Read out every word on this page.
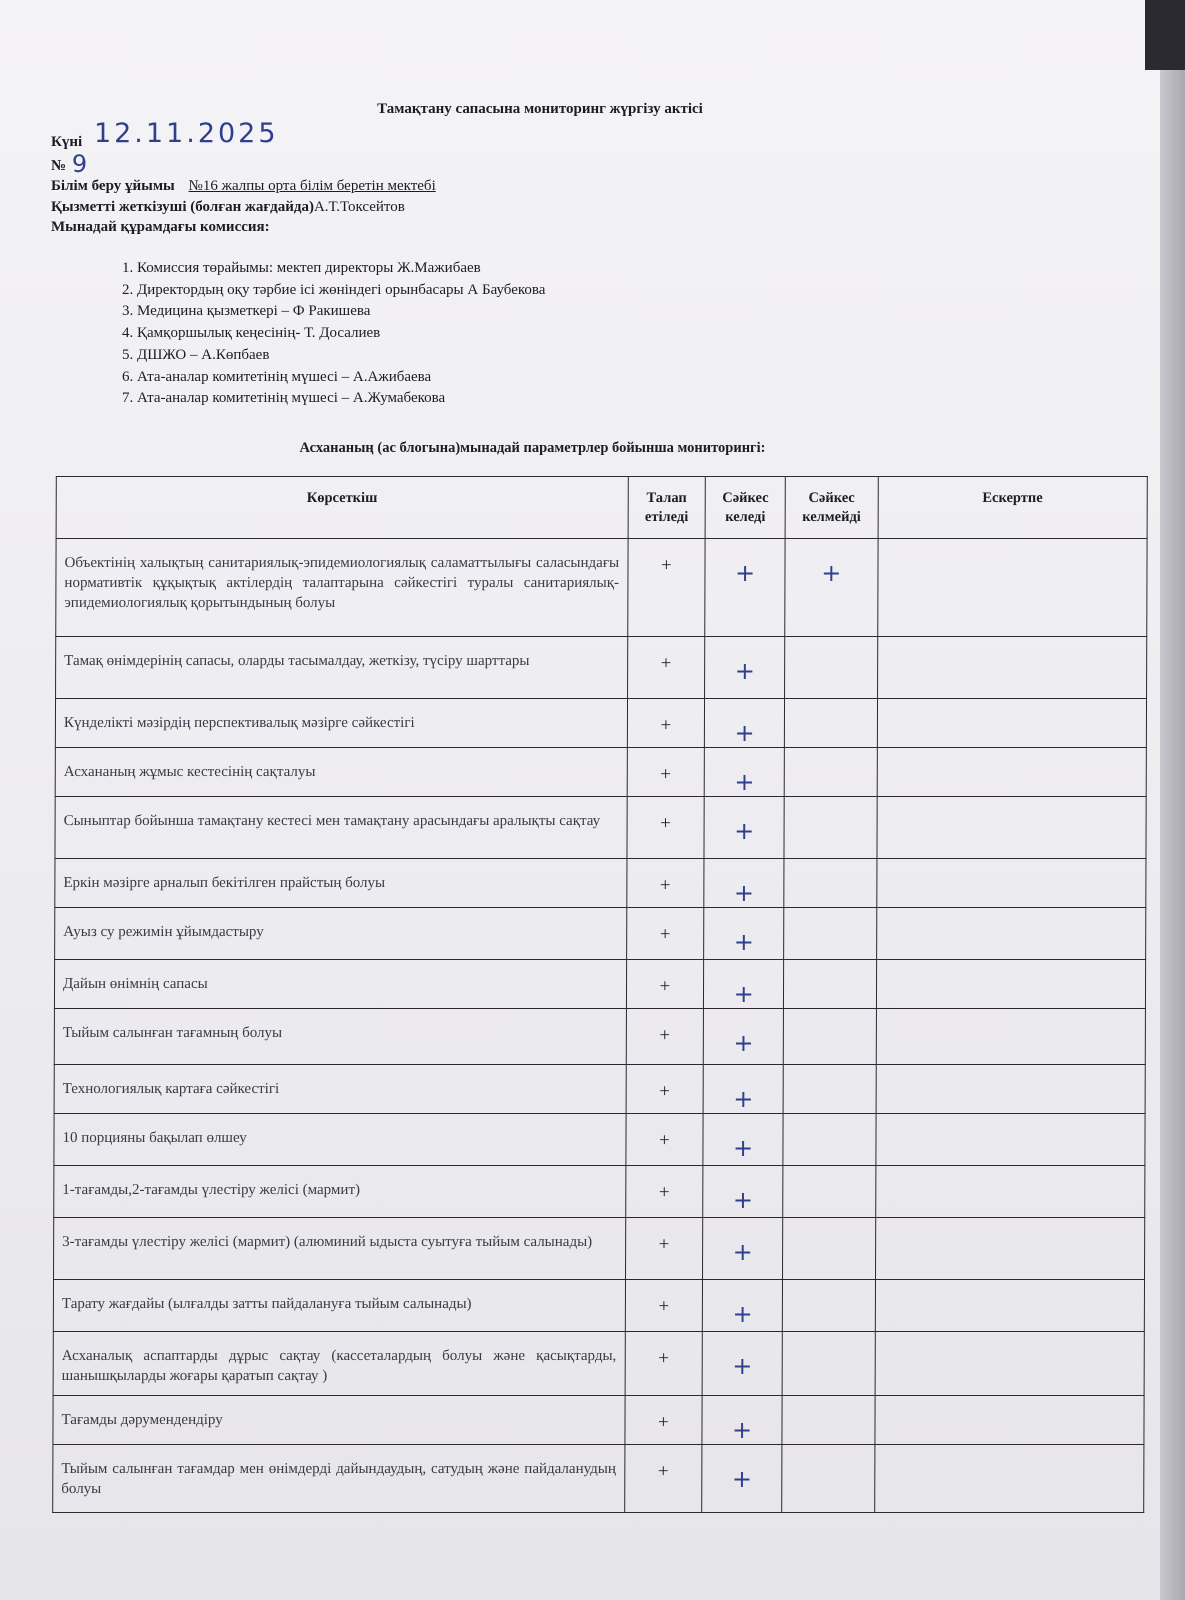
Тамақтану сапасына мониторинг жүргізу актісі
Күні 12.11.2025
№ 9
Білім беру ұйымы №16 жалпы орта білім беретін мектебі
Қызметті жеткізуші (болған жағдайда)А.Т.Токсейтов
Мынадай құрамдағы комиссия:
1. Комиссия төрайымы: мектеп директоры Ж.Мажибаев
2. Директордың оқу тәрбие ісі жөніндегі орынбасары А Баубекова
3. Медицина қызметкері – Ф Ракишева
4. Қамқоршылық кеңесінің- Т. Досалиев
5. ДШЖО – А.Көпбаев
6. Ата-аналар комитетінің мүшесі – А.Ажибаева
7. Ата-аналар комитетінің мүшесі – А.Жумабекова
Асхананың (ас блогына)мынадай параметрлер бойынша мониторингі:
Көрсеткіш	Талап етіледі	Сәйкес келеді	Сәйкес келмейді	Ескертпе
Объектінің халықтың санитариялық-эпидемиологиялық саламаттылығы саласындағы нормативтік құқықтық актілердің талаптарына сәйкестігі туралы санитариялық-эпидемиологиялық қорытындының болуы	+	+	+	
Тамақ өнімдерінің сапасы, оларды тасымалдау, жеткізу, түсіру шарттары	+	+		
Күнделікті мәзірдің перспективалық мәзірге сәйкестігі	+	+		
Асхананың жұмыс кестесінің сақталуы	+	+		
Сыныптар бойынша тамақтану кестесі мен тамақтану арасындағы аралықты сақтау	+	+		
Еркін мәзірге арналып бекітілген прайстың болуы	+	+		
Ауыз су режимін ұйымдастыру	+	+		
Дайын өнімнің сапасы	+	+		
Тыйым салынған тағамның болуы	+	+		
Технологиялық картаға сәйкестігі	+	+		
10 порцияны бақылап өлшеу	+	+		
1-тағамды,2-тағамды үлестіру желісі (мармит)	+	+		
3-тағамды үлестіру желісі (мармит) (алюминий ыдыста суытуға тыйым салынады)	+	+		
Тарату жағдайы (ылғалды затты пайдалануға тыйым салынады)	+	+		
Асханалық аспаптарды дұрыс сақтау (кассеталардың болуы және қасықтарды, шанышқыларды жоғары қаратып сақтау )	+	+		
Тағамды дәрумендендіру	+	+		
Тыйым салынған тағамдар мен өнімдерді дайындаудың, сатудың және пайдаланудың болуы	+	+		
